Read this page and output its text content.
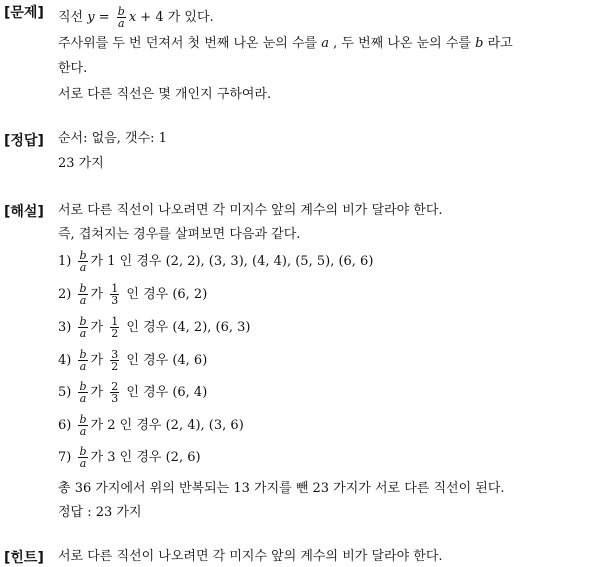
[문제] 직선 $y = \frac{b}{a}$ x + 4 가 있다.
주사위를 두 번 던져서 첫 번째 나온 눈의 수를 a , 두 번째 나온 눈의 수를 b 라고
한다.
서로 다른 직선은 몇 개인지 구하여라.
[정답] 순서: 없음, 갯수: 1
23 가지
[해설] 서로 다른 직선이 나오려면 각 미지수 앞의 계수의 비가 달라야 한다.
즉, 겹쳐지는 경우를 살펴보면 다음과 같다.
$1) \frac{b}{a}$ 가 1 인 경우 (2, 2), (3, 3), (4, 4), (5, 5), (6, 6)
$2) \frac{b}{a}$ 가 $\frac{1}{3}$ 인 경우 (6, 2)
$3) \frac{b}{a}$ 가 $\frac{1}{2}$ 인 경우 (4, 2), (6, 3)
$4) \frac{b}{a}$ 가 $\frac{3}{2}$ 인 경우 (4, 6)
$5) \frac{b}{a}$ 가 $\frac{2}{3}$ 인 경우 (6, 4)
$6) \frac{b}{a}$ 가 2 인 경우 (2, 4), (3, 6)
$7) \frac{b}{a}$ 가 3 인 경우 (2, 6)
총 36 가지에서 위의 반복되는 13 가지를 뺀 23 가지가 서로 다른 직선이 된다.
정답 : 23 가지
[힌트] 서로 다른 직선이 나오려면 각 미지수 앞의 계수의 비가 달라야 한다.
